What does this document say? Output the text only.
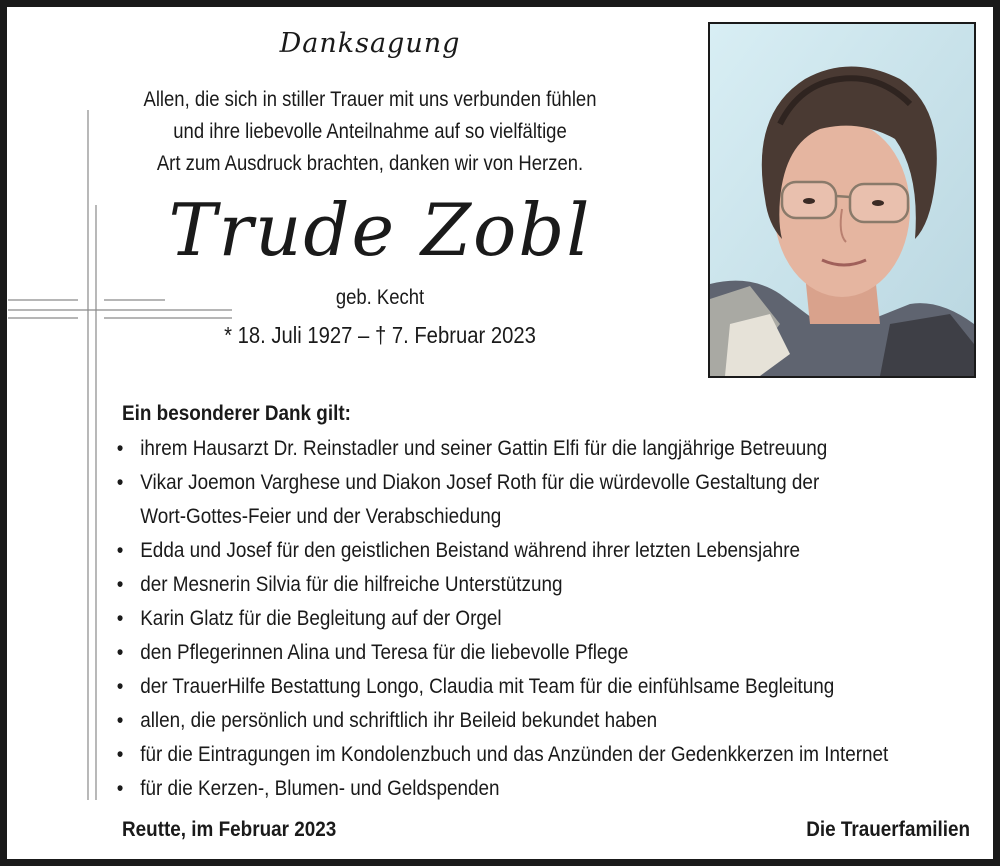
Danksagung
Allen, die sich in stiller Trauer mit uns verbunden fühlen
und ihre liebevolle Anteilnahme auf so vielfältige
Art zum Ausdruck brachten, danken wir von Herzen.
Trude Zobl
geb. Kecht
* 18. Juli 1927 – † 7. Februar 2023
Ein besonderer Dank gilt:
• ihrem Hausarzt Dr. Reinstadler und seiner Gattin Elfi für die langjährige Betreuung
• Vikar Joemon Varghese und Diakon Josef Roth für die würdevolle Gestaltung der
Wort-Gottes-Feier und der Verabschiedung
• Edda und Josef für den geistlichen Beistand während ihrer letzten Lebensjahre
• der Mesnerin Silvia für die hilfreiche Unterstützung
• Karin Glatz für die Begleitung auf der Orgel
• den Pflegerinnen Alina und Teresa für die liebevolle Pflege
• der TrauerHilfe Bestattung Longo, Claudia mit Team für die einfühlsame Begleitung
• allen, die persönlich und schriftlich ihr Beileid bekundet haben
• für die Eintragungen im Kondolenzbuch und das Anzünden der Gedenkkerzen im Internet
• für die Kerzen-, Blumen- und Geldspenden
Reutte, im Februar 2023	Die Trauerfamilien
